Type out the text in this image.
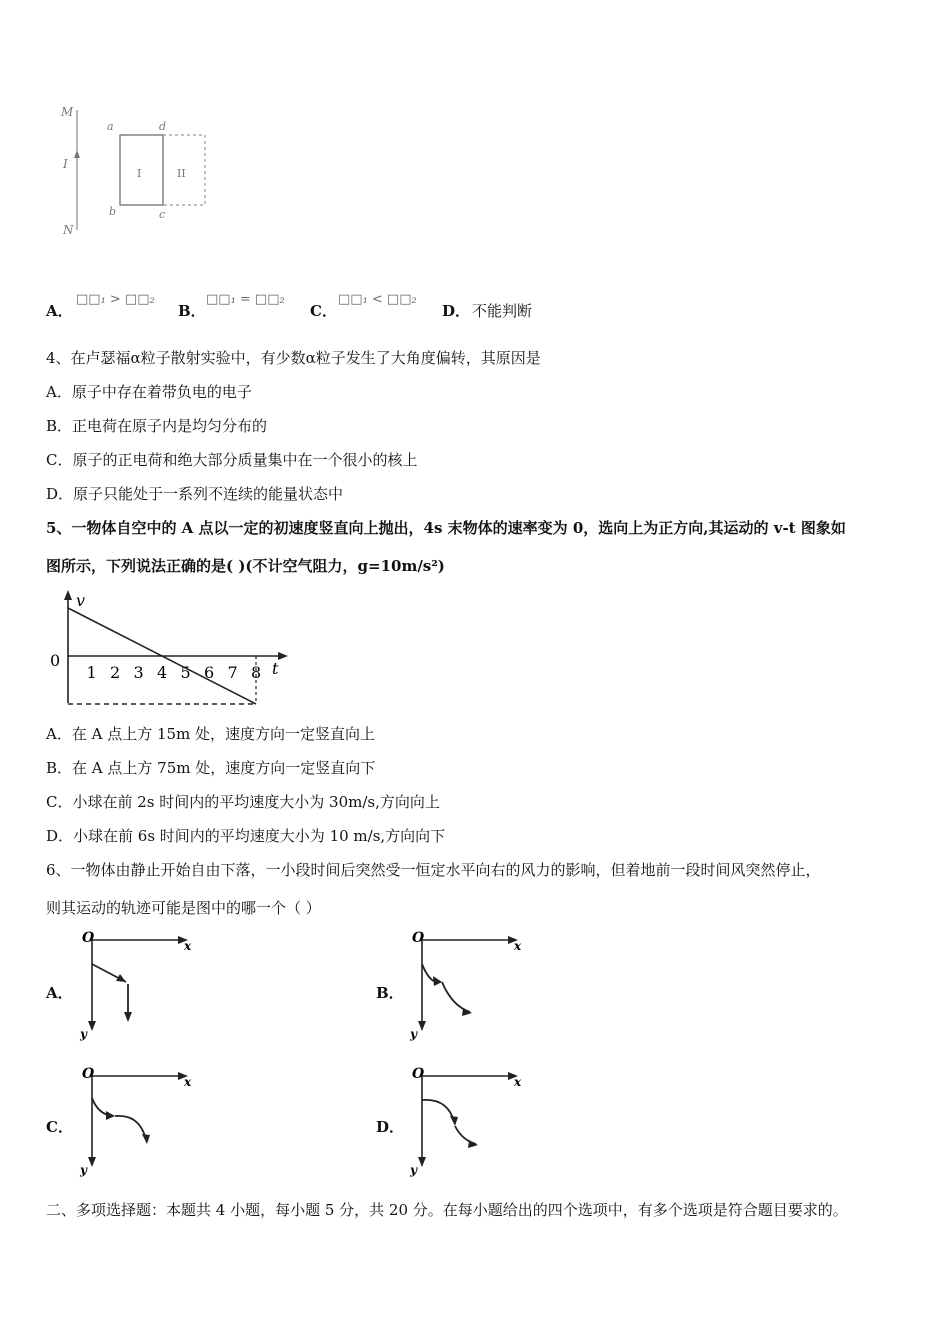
M
I
N
a	d
b	c
I	II
A．
□□₁ > □□₂
B．
□□₁ = □□₂
C．
□□₁ < □□₂
D． 不能判断
4、在卢瑟福α粒子散射实验中，有少数α粒子发生了大角度偏转，其原因是
A．原子中存在着带负电的电子
B．正电荷在原子内是均匀分布的
C．原子的正电荷和绝大部分质量集中在一个很小的核上
D．原子只能处于一系列不连续的能量状态中
5、一物体自空中的 A 点以一定的初速度竖直向上抛出，4s 末物体的速率变为 0，选向上为正方向,其运动的 v-t 图象如
图所示，下列说法正确的是( )(不计空气阻力，g=10m/s²)
v
0	t
1 2 3 4 5 6 7 8
A．在 A 点上方 15m 处，速度方向一定竖直向上
B．在 A 点上方 75m 处，速度方向一定竖直向下
C．小球在前 2s 时间内的平均速度大小为 30m/s,方向向上
D．小球在前 6s 时间内的平均速度大小为 10 m/s,方向向下
6、一物体由静止开始自由下落，一小段时间后突然受一恒定水平向右的风力的影响，但着地前一段时间风突然停止，
则其运动的轨迹可能是图中的哪一个（ ）
A．
O	x
y
B．
O	x
y
C．
O	x
y
D．
O	x
y
二、多项选择题：本题共 4 小题，每小题 5 分，共 20 分。在每小题给出的四个选项中，有多个选项是符合题目要求的。
